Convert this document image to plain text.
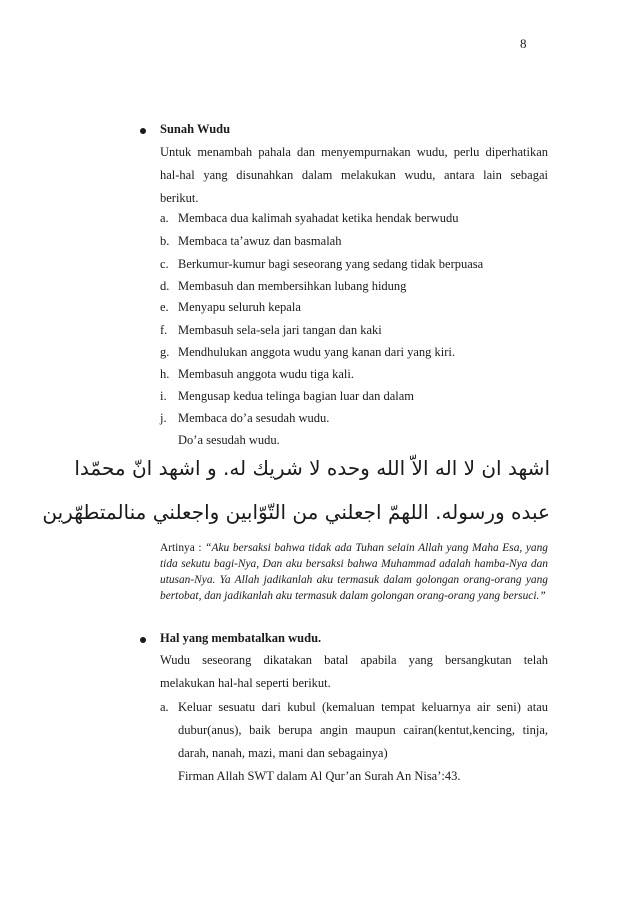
8
Sunah Wudu
Untuk menambah pahala dan menyempurnakan wudu, perlu diperhatikan
hal-hal yang disunahkan dalam melakukan wudu, antara lain sebagai
berikut.
a. Membaca dua kalimah syahadat ketika hendak berwudu
b. Membaca ta’awuz dan basmalah
c. Berkumur-kumur bagi seseorang yang sedang tidak berpuasa
d. Membasuh dan membersihkan lubang hidung
e. Menyapu seluruh kepala
f. Membasuh sela-sela jari tangan dan kaki
g. Mendhulukan anggota wudu yang kanan dari yang kiri.
h. Membasuh anggota wudu tiga kali.
i. Mengusap kedua telinga bagian luar dan dalam
j. Membaca do’a sesudah wudu.
Do’a sesudah wudu.
اشهد ان لا اله الاّ الله وحده لا شريك له. و اشهد انّ محمّدا
عبده ورسوله. اللهمّ اجعلني من التّوّابين واجعلني منالمتطهّرين
Artinya : “Aku bersaksi bahwa tidak ada Tuhan selain Allah yang Maha Esa, yang tida sekutu bagi-Nya, Dan aku bersaksi bahwa Muhammad adalah hamba-Nya dan utusan-Nya. Ya Allah jadikanlah aku termasuk dalam golongan orang-orang yang bertobat, dan jadikanlah aku termasuk dalam golongan orang-orang yang bersuci.”
Hal yang membatalkan wudu.
Wudu seseorang dikatakan batal apabila yang bersangkutan telah
melakukan hal-hal seperti berikut.
a. Keluar sesuatu dari kubul (kemaluan tempat keluarnya air seni) atau
dubur(anus), baik berupa angin maupun cairan(kentut,kencing, tinja,
darah, nanah, mazi, mani dan sebagainya)
Firman Allah SWT dalam Al Qur’an Surah An Nisa’:43.
